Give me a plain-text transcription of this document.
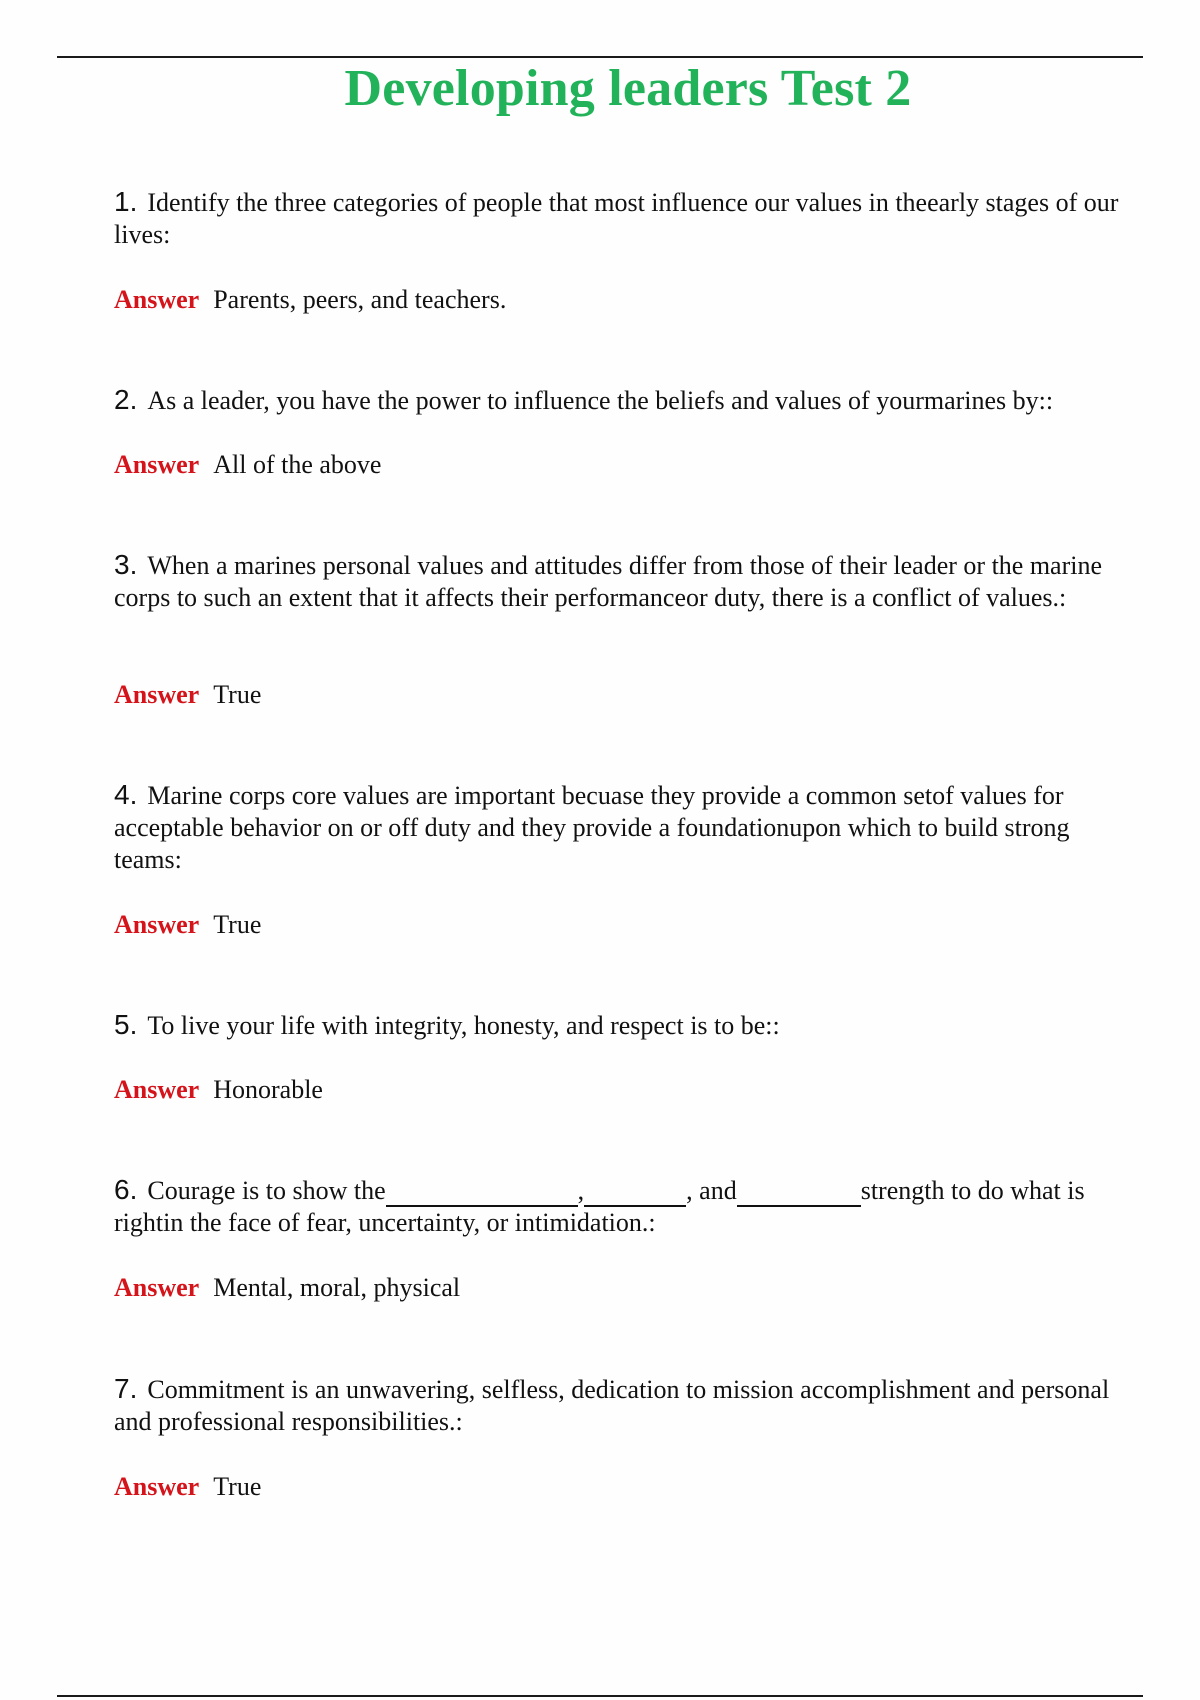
Developing leaders Test 2
1. Identify the three categories of people that most influence our values in theearly stages of our lives:
Answer Parents, peers, and teachers.
2. As a leader, you have the power to influence the beliefs and values of yourmarines by::
Answer All of the above
3. When a marines personal values and attitudes differ from those of their leader or the marine corps to such an extent that it affects their performanceor duty, there is a conflict of values.:
Answer True
4. Marine corps core values are important becuase they provide a common setof values for acceptable behavior on or off duty and they provide a foundationupon which to build strong teams:
Answer True
5. To live your life with integrity, honesty, and respect is to be::
Answer Honorable
6. Courage is to show the	,	, and	strength to do what is rightin the face of fear, uncertainty, or intimidation.:
Answer Mental, moral, physical
7. Commitment is an unwavering, selfless, dedication to mission accomplishment and personal and professional responsibilities.:
Answer True
